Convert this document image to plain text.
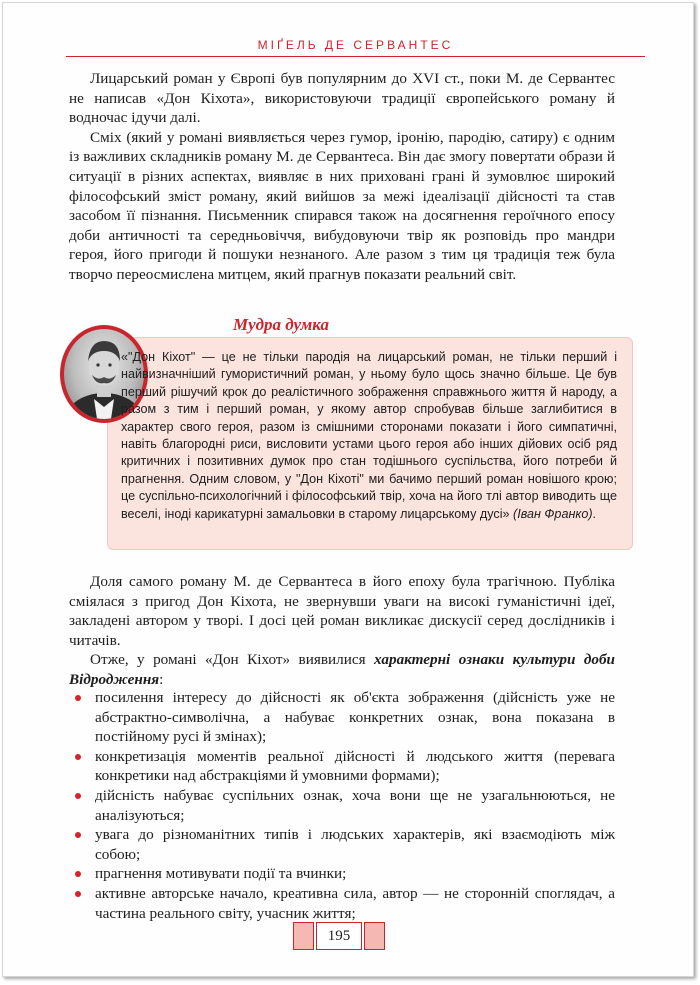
МІҐЕЛЬ ДЕ СЕРВАНТЕС

Лицарський роман у Європі був популярним до XVI ст., поки М. де Сервантес не написав «Дон Кіхота», використовуючи традиції європейського роману й водночас ідучи далі.

Сміх (який у романі виявляється через гумор, іронію, пародію, сатиру) є одним із важливих складників роману М. де Сервантеса. Він дає змогу повертати образи й ситуації в різних аспектах, виявляє в них приховані грані й зумовлює широкий філософський зміст роману, який вийшов за межі ідеалізації дійсності та став засобом її пізнання. Письменник спирався також на досягнення героїчного епосу доби античності та середньовіччя, вибудовуючи твір як розповідь про мандри героя, його пригоди й пошуки незнаного. Але разом з тим ця традиція теж була творчо переосмислена митцем, який прагнув показати реальний світ.

Мудра думка
«"Дон Кіхот" — це не тільки пародія на лицарський роман, не тільки перший і найвизначніший гумористичний роман, у ньому було щось значно більше. Це був перший рішучий крок до реалістичного зображення справжнього життя й народу, а разом з тим і перший роман, у якому автор спробував більше заглибитися в характер свого героя, разом із смішними сторонами показати і його симпатичні, навіть благородні риси, висловити устами цього героя або інших дійових осіб ряд критичних і позитивних думок про стан тодішнього суспільства, його потреби й прагнення. Одним словом, у "Дон Кіхоті" ми бачимо перший роман новішого крою; це суспільно-психологічний і філософський твір, хоча на його тлі автор виводить ще веселі, іноді карикатурні замальовки в старому лицарському дусі» (Іван Франко).

Доля самого роману М. де Сервантеса в його епоху була трагічною. Публіка сміялася з пригод Дон Кіхота, не звернувши уваги на високі гуманістичні ідеї, закладені автором у творі. І досі цей роман викликає дискусії серед дослідників і читачів.

Отже, у романі «Дон Кіхот» виявилися характерні ознаки культури доби Відродження:

посилення інтересу до дійсності як об'єкта зображення (дійсність уже не абстрактно-символічна, а набуває конкретних ознак, вона показана в постійному русі й змінах);
конкретизація моментів реальної дійсності й людського життя (перевага конкретики над абстракціями й умовними формами);
дійсність набуває суспільних ознак, хоча вони ще не узагальнюються, не аналізуються;
увага до різноманітних типів і людських характерів, які взаємодіють між собою;
прагнення мотивувати події та вчинки;
активне авторське начало, креативна сила, автор — не сторонній споглядач, а частина реального світу, учасник життя;
195
